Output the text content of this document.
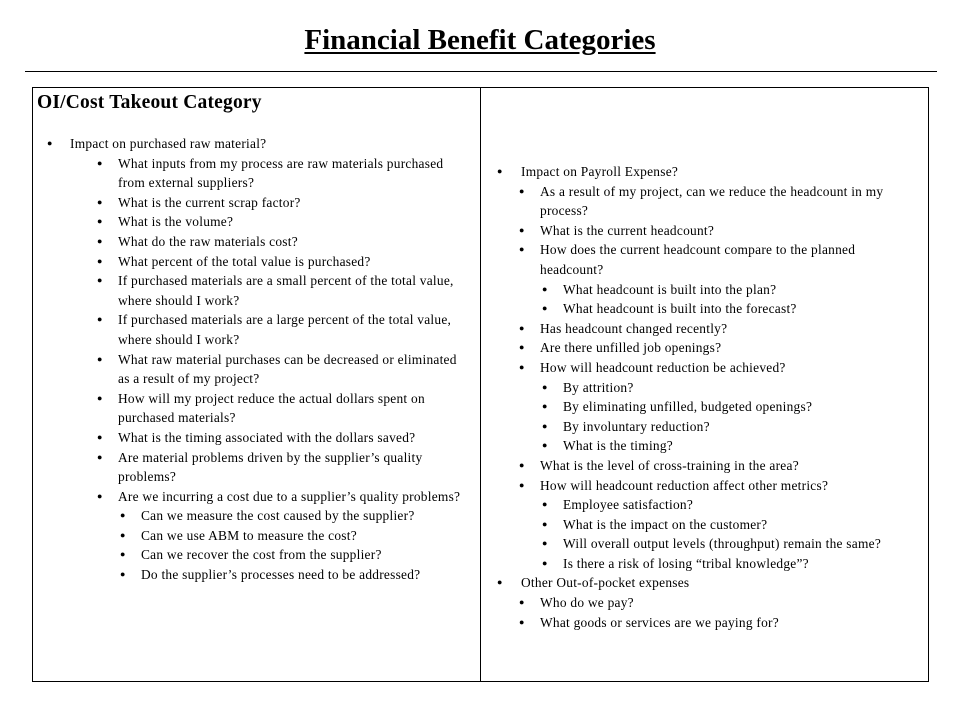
Financial Benefit Categories
OI/Cost Takeout Category
● Impact on purchased raw material?
● What inputs from my process are raw materials purchased from external suppliers?
● What is the current scrap factor?
● What is the volume?
● What do the raw materials cost?
● What percent of the total value is purchased?
● If purchased materials are a small percent of the total value, where should I work?
● If purchased materials are a large percent of the total value, where should I work?
● What raw material purchases can be decreased or eliminated as a result of my project?
● How will my project reduce the actual dollars spent on purchased materials?
● What is the timing associated with the dollars saved?
● Are material problems driven by the supplier’s quality problems?
● Are we incurring a cost due to a supplier’s quality problems?
● Can we measure the cost caused by the supplier?
● Can we use ABM to measure the cost?
● Can we recover the cost from the supplier?
● Do the supplier’s processes need to be addressed?
● Impact on Payroll Expense?
● As a result of my project, can we reduce the headcount in my process?
● What is the current headcount?
● How does the current headcount compare to the planned headcount?
● What headcount is built into the plan?
● What headcount is built into the forecast?
● Has headcount changed recently?
● Are there unfilled job openings?
● How will headcount reduction be achieved?
● By attrition?
● By eliminating unfilled, budgeted openings?
● By involuntary reduction?
● What is the timing?
● What is the level of cross-training in the area?
● How will headcount reduction affect other metrics?
● Employee satisfaction?
● What is the impact on the customer?
● Will overall output levels (throughput) remain the same?
● Is there a risk of losing “tribal knowledge”?
● Other Out-of-pocket expenses
● Who do we pay?
● What goods or services are we paying for?
